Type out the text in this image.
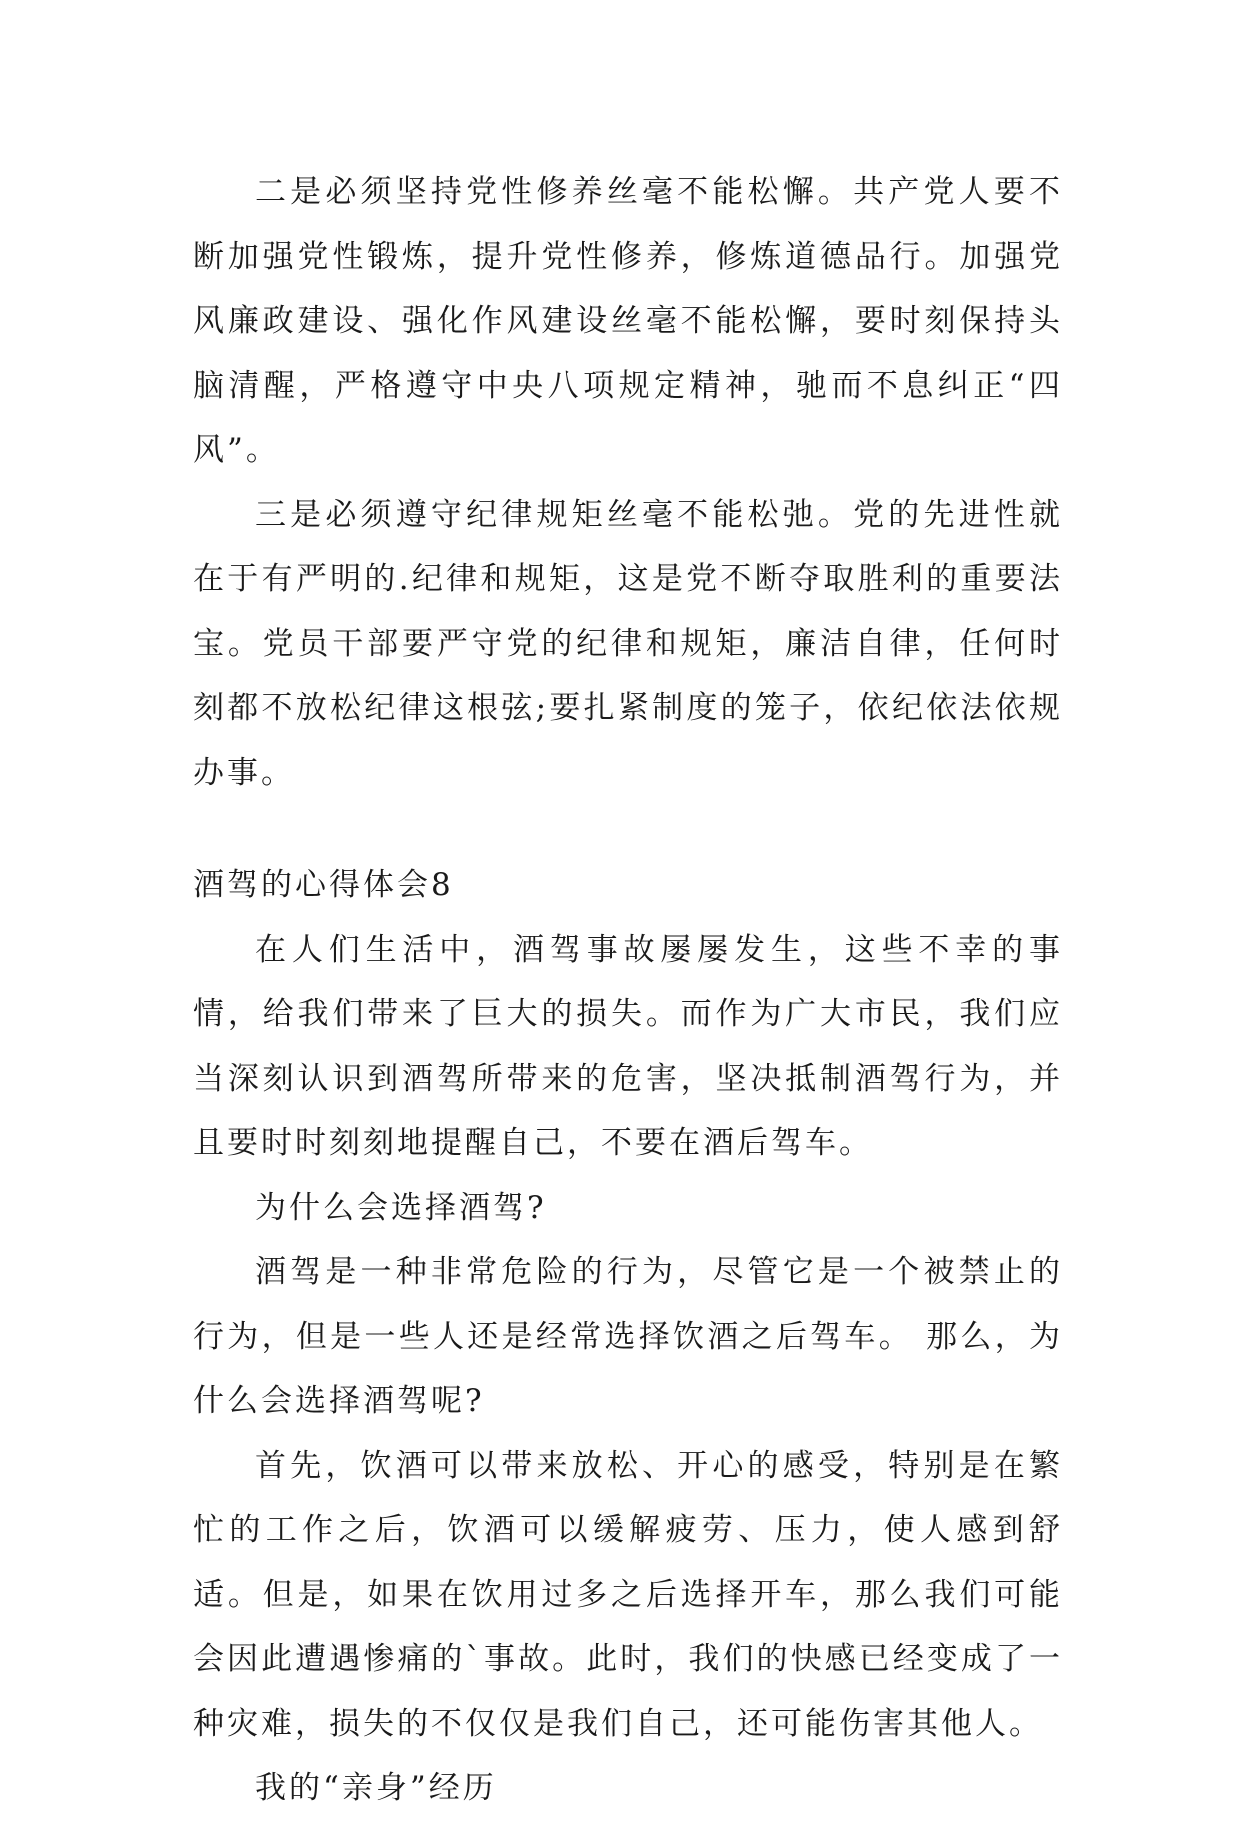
二是必须坚持党性修养丝毫不能松懈。共产党人要不断加强党性锻炼，提升党性修养，修炼道德品行。加强党风廉政建设、强化作风建设丝毫不能松懈，要时刻保持头脑清醒，严格遵守中央八项规定精神，驰而不息纠正“四风”。

三是必须遵守纪律规矩丝毫不能松弛。党的先进性就在于有严明的.纪律和规矩，这是党不断夺取胜利的重要法宝。党员干部要严守党的纪律和规矩，廉洁自律，任何时刻都不放松纪律这根弦;要扎紧制度的笼子，依纪依法依规办事。

酒驾的心得体会8

在人们生活中，酒驾事故屡屡发生，这些不幸的事情，给我们带来了巨大的损失。而作为广大市民，我们应当深刻认识到酒驾所带来的危害，坚决抵制酒驾行为，并且要时时刻刻地提醒自己，不要在酒后驾车。

为什么会选择酒驾?

酒驾是一种非常危险的行为，尽管它是一个被禁止的行为，但是一些人还是经常选择饮酒之后驾车。 那么，为什么会选择酒驾呢?

首先，饮酒可以带来放松、开心的感受，特别是在繁忙的工作之后，饮酒可以缓解疲劳、压力，使人感到舒适。但是，如果在饮用过多之后选择开车，那么我们可能会因此遭遇惨痛的`事故。此时，我们的快感已经变成了一种灾难，损失的不仅仅是我们自己，还可能伤害其他人。

我的“亲身”经历
